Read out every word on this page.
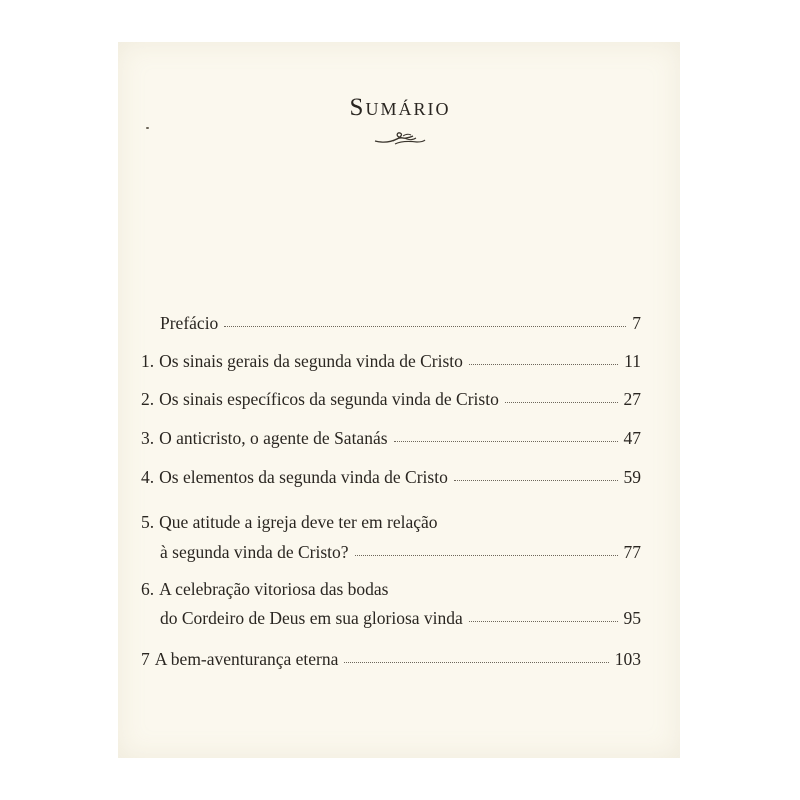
Sumário
Prefácio	7
1. Os sinais gerais da segunda vinda de Cristo	11
2. Os sinais específicos da segunda vinda de Cristo	27
3. O anticristo, o agente de Satanás	47
4. Os elementos da segunda vinda de Cristo	59
5. Que atitude a igreja deve ter em relação
à segunda vinda de Cristo?	77
6. A celebração vitoriosa das bodas
do Cordeiro de Deus em sua gloriosa vinda	95
7 A bem-aventurança eterna	103
